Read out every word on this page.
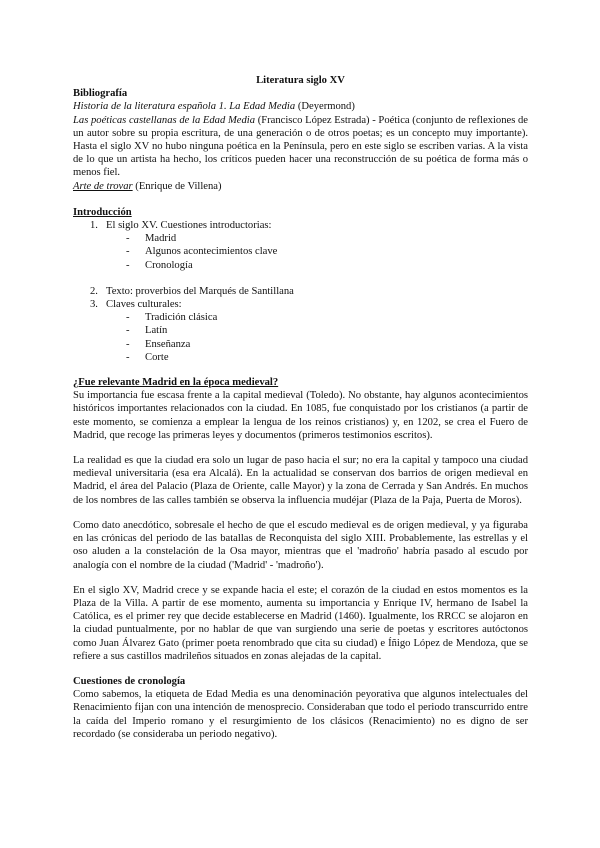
Literatura siglo XV

Bibliografía

Historia de la literatura española 1. La Edad Media (Deyermond)

Las poéticas castellanas de la Edad Media (Francisco López Estrada) - Poética (conjunto de reflexiones de un autor sobre su propia escritura, de una generación o de otros poetas; es un concepto muy importante). Hasta el siglo XV no hubo ninguna poética en la Península, pero en este siglo se escriben varias. A la vista de lo que un artista ha hecho, los críticos pueden hacer una reconstrucción de su poética de forma más o menos fiel.

Arte de trovar (Enrique de Villena)

Introducción

1. El siglo XV. Cuestiones introductorias:
- Madrid
- Algunos acontecimientos clave
- Cronología
2. Texto: proverbios del Marqués de Santillana
3. Claves culturales:
- Tradición clásica
- Latín
- Enseñanza
- Corte

¿Fue relevante Madrid en la época medieval?

Su importancia fue escasa frente a la capital medieval (Toledo). No obstante, hay algunos acontecimientos históricos importantes relacionados con la ciudad. En 1085, fue conquistado por los cristianos (a partir de este momento, se comienza a emplear la lengua de los reinos cristianos) y, en 1202, se crea el Fuero de Madrid, que recoge las primeras leyes y documentos (primeros testimonios escritos).

La realidad es que la ciudad era solo un lugar de paso hacia el sur; no era la capital y tampoco una ciudad medieval universitaria (esa era Alcalá). En la actualidad se conservan dos barrios de origen medieval en Madrid, el área del Palacio (Plaza de Oriente, calle Mayor) y la zona de Cerrada y San Andrés. En muchos de los nombres de las calles también se observa la influencia mudéjar (Plaza de la Paja, Puerta de Moros).

Como dato anecdótico, sobresale el hecho de que el escudo medieval es de origen medieval, y ya figuraba en las crónicas del periodo de las batallas de Reconquista del siglo XIII. Probablemente, las estrellas y el oso aluden a la constelación de la Osa mayor, mientras que el 'madroño' habría pasado al escudo por analogía con el nombre de la ciudad ('Madrid' - 'madroño').

En el siglo XV, Madrid crece y se expande hacia el este; el corazón de la ciudad en estos momentos es la Plaza de la Villa. A partir de ese momento, aumenta su importancia y Enrique IV, hermano de Isabel la Católica, es el primer rey que decide establecerse en Madrid (1460). Igualmente, los RRCC se alojaron en la ciudad puntualmente, por no hablar de que van surgiendo una serie de poetas y escritores autóctonos como Juan Álvarez Gato (primer poeta renombrado que cita su ciudad) e Íñigo López de Mendoza, que se refiere a sus castillos madrileños situados en zonas alejadas de la capital.

Cuestiones de cronología

Como sabemos, la etiqueta de Edad Media es una denominación peyorativa que algunos intelectuales del Renacimiento fijan con una intención de menosprecio. Consideraban que todo el periodo transcurrido entre la caída del Imperio romano y el resurgimiento de los clásicos (Renacimiento) no es digno de ser recordado (se consideraba un periodo negativo).
